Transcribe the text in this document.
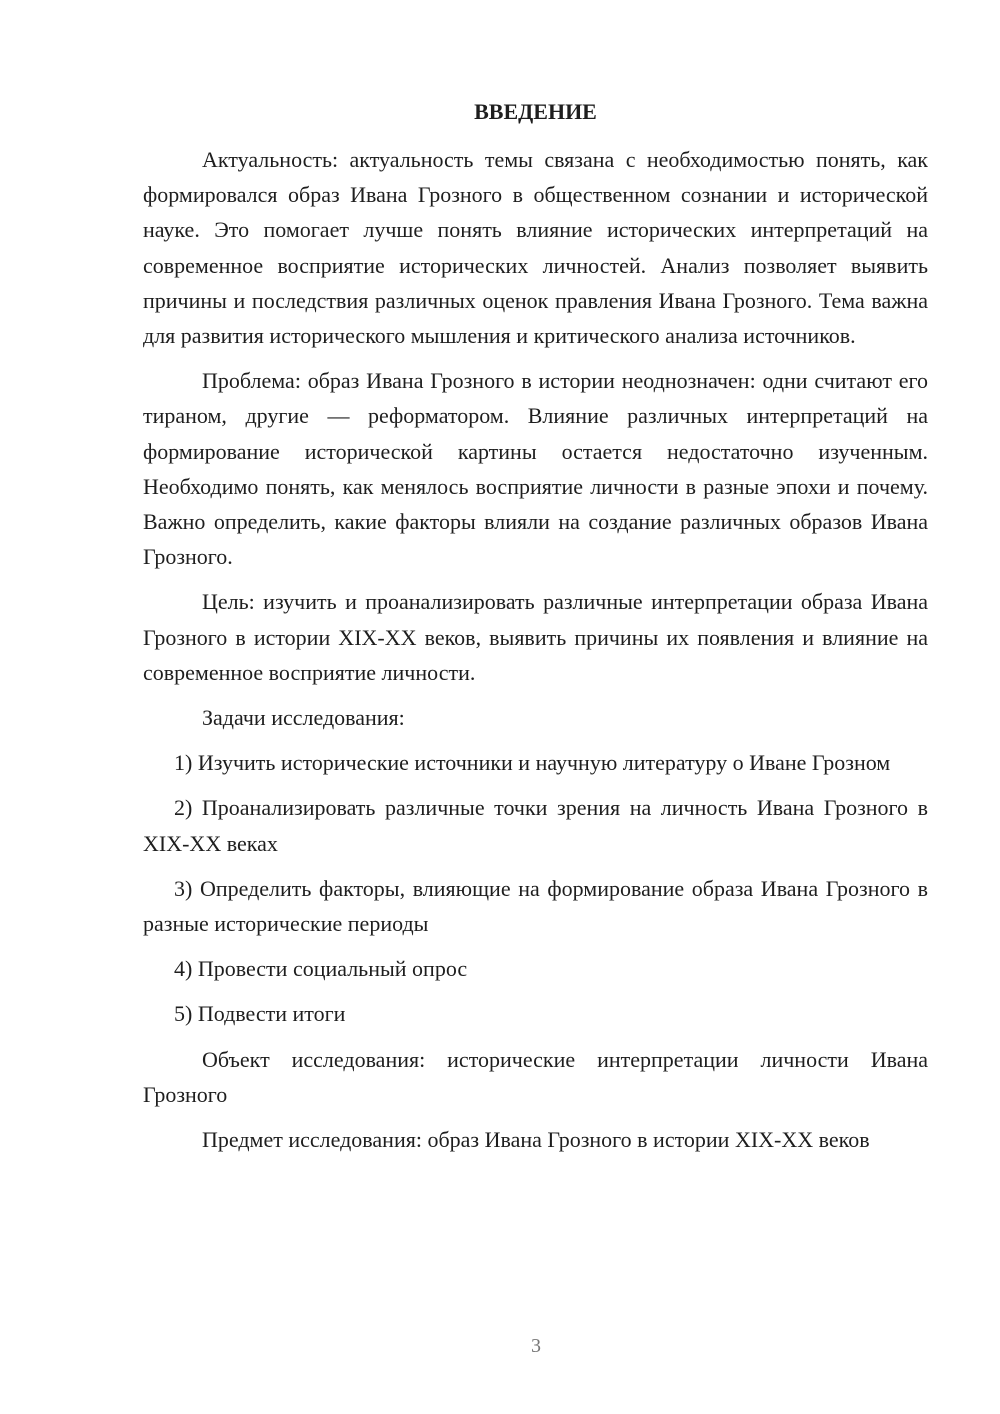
ВВЕДЕНИЕ

Актуальность: актуальность темы связана с необходимостью понять, как формировался образ Ивана Грозного в общественном сознании и исторической науке. Это помогает лучше понять влияние исторических интерпретаций на современное восприятие исторических личностей. Анализ позволяет выявить причины и последствия различных оценок правления Ивана Грозного. Тема важна для развития исторического мышления и критического анализа источников.

Проблема: образ Ивана Грозного в истории неоднозначен: одни считают его тираном, другие — реформатором. Влияние различных интерпретаций на формирование исторической картины остается недостаточно изученным. Необходимо понять, как менялось восприятие личности в разные эпохи и почему. Важно определить, какие факторы влияли на создание различных образов Ивана Грозного.

Цель: изучить и проанализировать различные интерпретации образа Ивана Грозного в истории XIX-XX веков, выявить причины их появления и влияние на современное восприятие личности.

Задачи исследования:

1) Изучить исторические источники и научную литературу о Иване Грозном

2) Проанализировать различные точки зрения на личность Ивана Грозного в XIX-XX веках

3) Определить факторы, влияющие на формирование образа Ивана Грозного в разные исторические периоды

4) Провести социальный опрос

5) Подвести итоги

Объект исследования: исторические интерпретации личности Ивана Грозного

Предмет исследования: образ Ивана Грозного в истории XIX-XX веков

3
